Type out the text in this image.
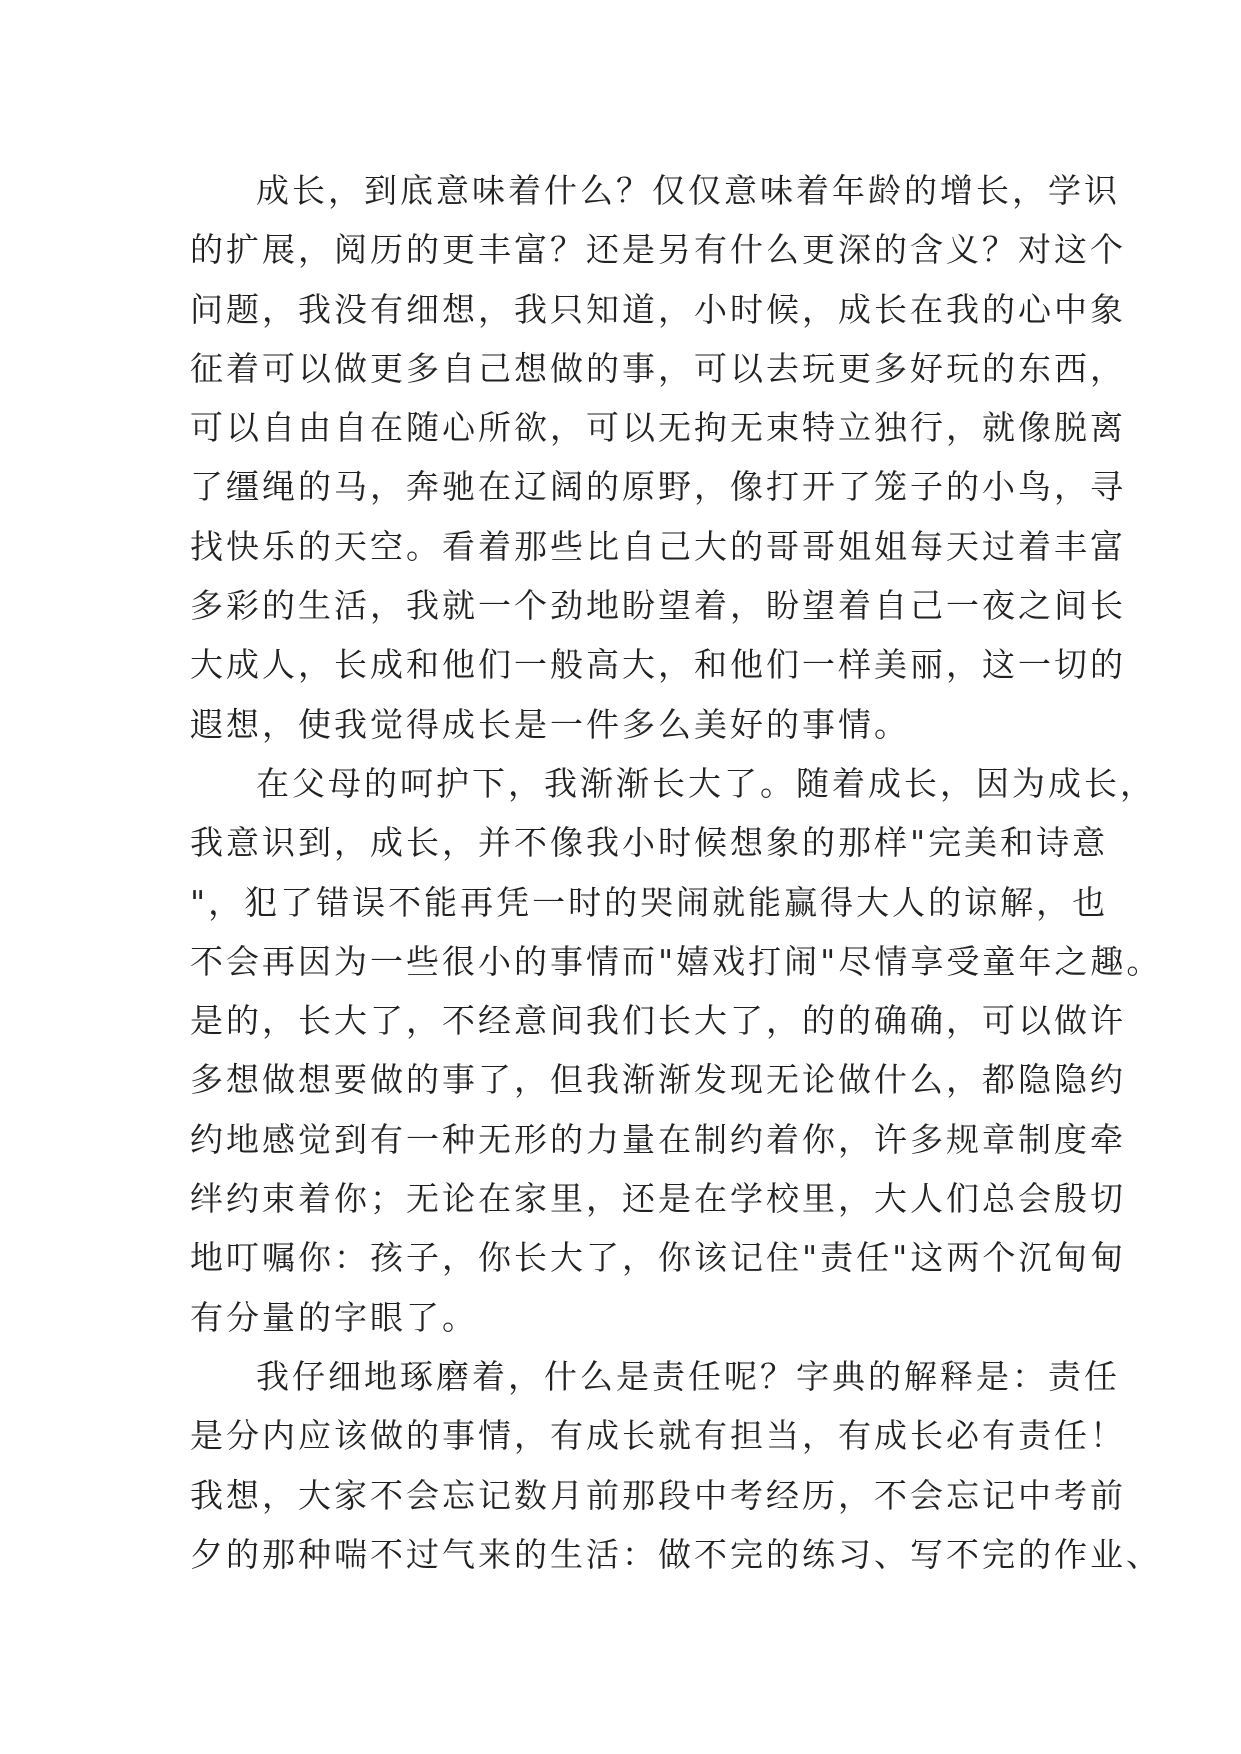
成长，到底意味着什么？仅仅意味着年龄的增长，学识
的扩展，阅历的更丰富？还是另有什么更深的含义？对这个
问题，我没有细想，我只知道，小时候，成长在我的心中象
征着可以做更多自己想做的事，可以去玩更多好玩的东西，
可以自由自在随心所欲，可以无拘无束特立独行，就像脱离
了缰绳的马，奔驰在辽阔的原野，像打开了笼子的小鸟，寻
找快乐的天空。看着那些比自己大的哥哥姐姐每天过着丰富
多彩的生活，我就一个劲地盼望着，盼望着自己一夜之间长
大成人，长成和他们一般高大，和他们一样美丽，这一切的
遐想，使我觉得成长是一件多么美好的事情。
在父母的呵护下，我渐渐长大了。随着成长，因为成长，
我意识到，成长，并不像我小时候想象的那样"完美和诗意
"，犯了错误不能再凭一时的哭闹就能赢得大人的谅解，也
不会再因为一些很小的事情而"嬉戏打闹"尽情享受童年之趣。
是的，长大了，不经意间我们长大了，的的确确，可以做许
多想做想要做的事了，但我渐渐发现无论做什么，都隐隐约
约地感觉到有一种无形的力量在制约着你，许多规章制度牵
绊约束着你；无论在家里，还是在学校里，大人们总会殷切
地叮嘱你：孩子，你长大了，你该记住"责任"这两个沉甸甸
有分量的字眼了。
我仔细地琢磨着，什么是责任呢？字典的解释是：责任
是分内应该做的事情，有成长就有担当，有成长必有责任！
我想，大家不会忘记数月前那段中考经历，不会忘记中考前
夕的那种喘不过气来的生活：做不完的练习、写不完的作业、
